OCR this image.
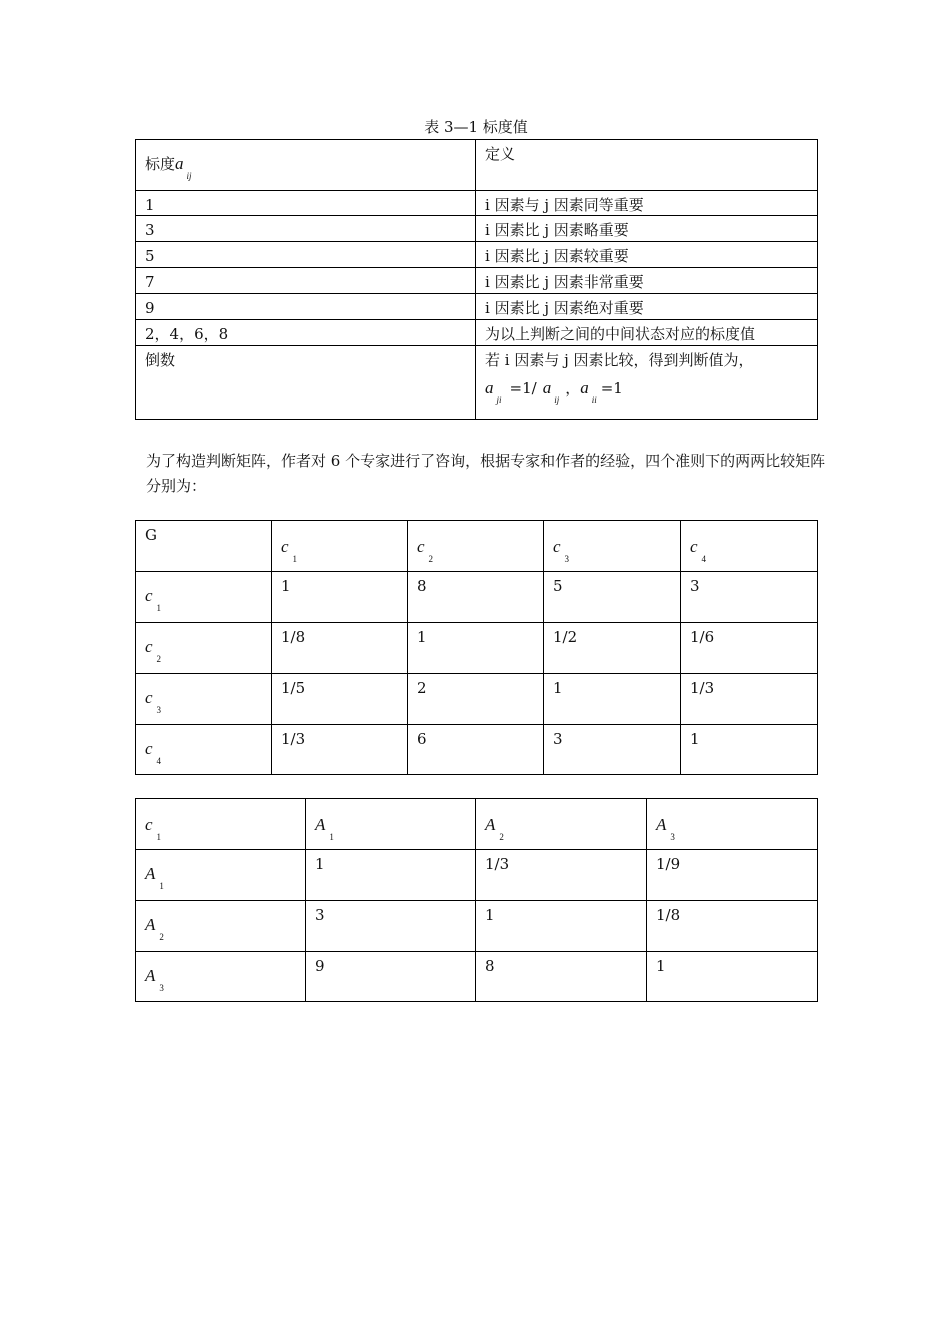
表 3—1 标度值
标度$a_{ij}$	定义
1	i 因素与 j 因素同等重要
3	i 因素比 j 因素略重要
5	i 因素比 j 因素较重要
7	i 因素比 j 因素非常重要
9	i 因素比 j 因素绝对重要
2，4，6，8	为以上判断之间的中间状态对应的标度值
倒数	若 i 因素与 j 因素比较，得到判断值为，
$a_{ji}=1/$ $a_{ij}$，$a_{ii}=1$
为了构造判断矩阵，作者对 6 个专家进行了咨询，根据专家和作者的经验，四个准则下的两两比较矩阵分别为：
G	$c_1$	$c_2$	$c_3$	$c_4$
$c_1$	1	8	5	3
$c_2$	1/8	1	1/2	1/6
$c_3$	1/5	2	1	1/3
$c_4$	1/3	6	3	1
$c_1$	$A_1$	$A_2$	$A_3$
$A_1$	1	1/3	1/9
$A_2$	3	1	1/8
$A_3$	9	8	1
